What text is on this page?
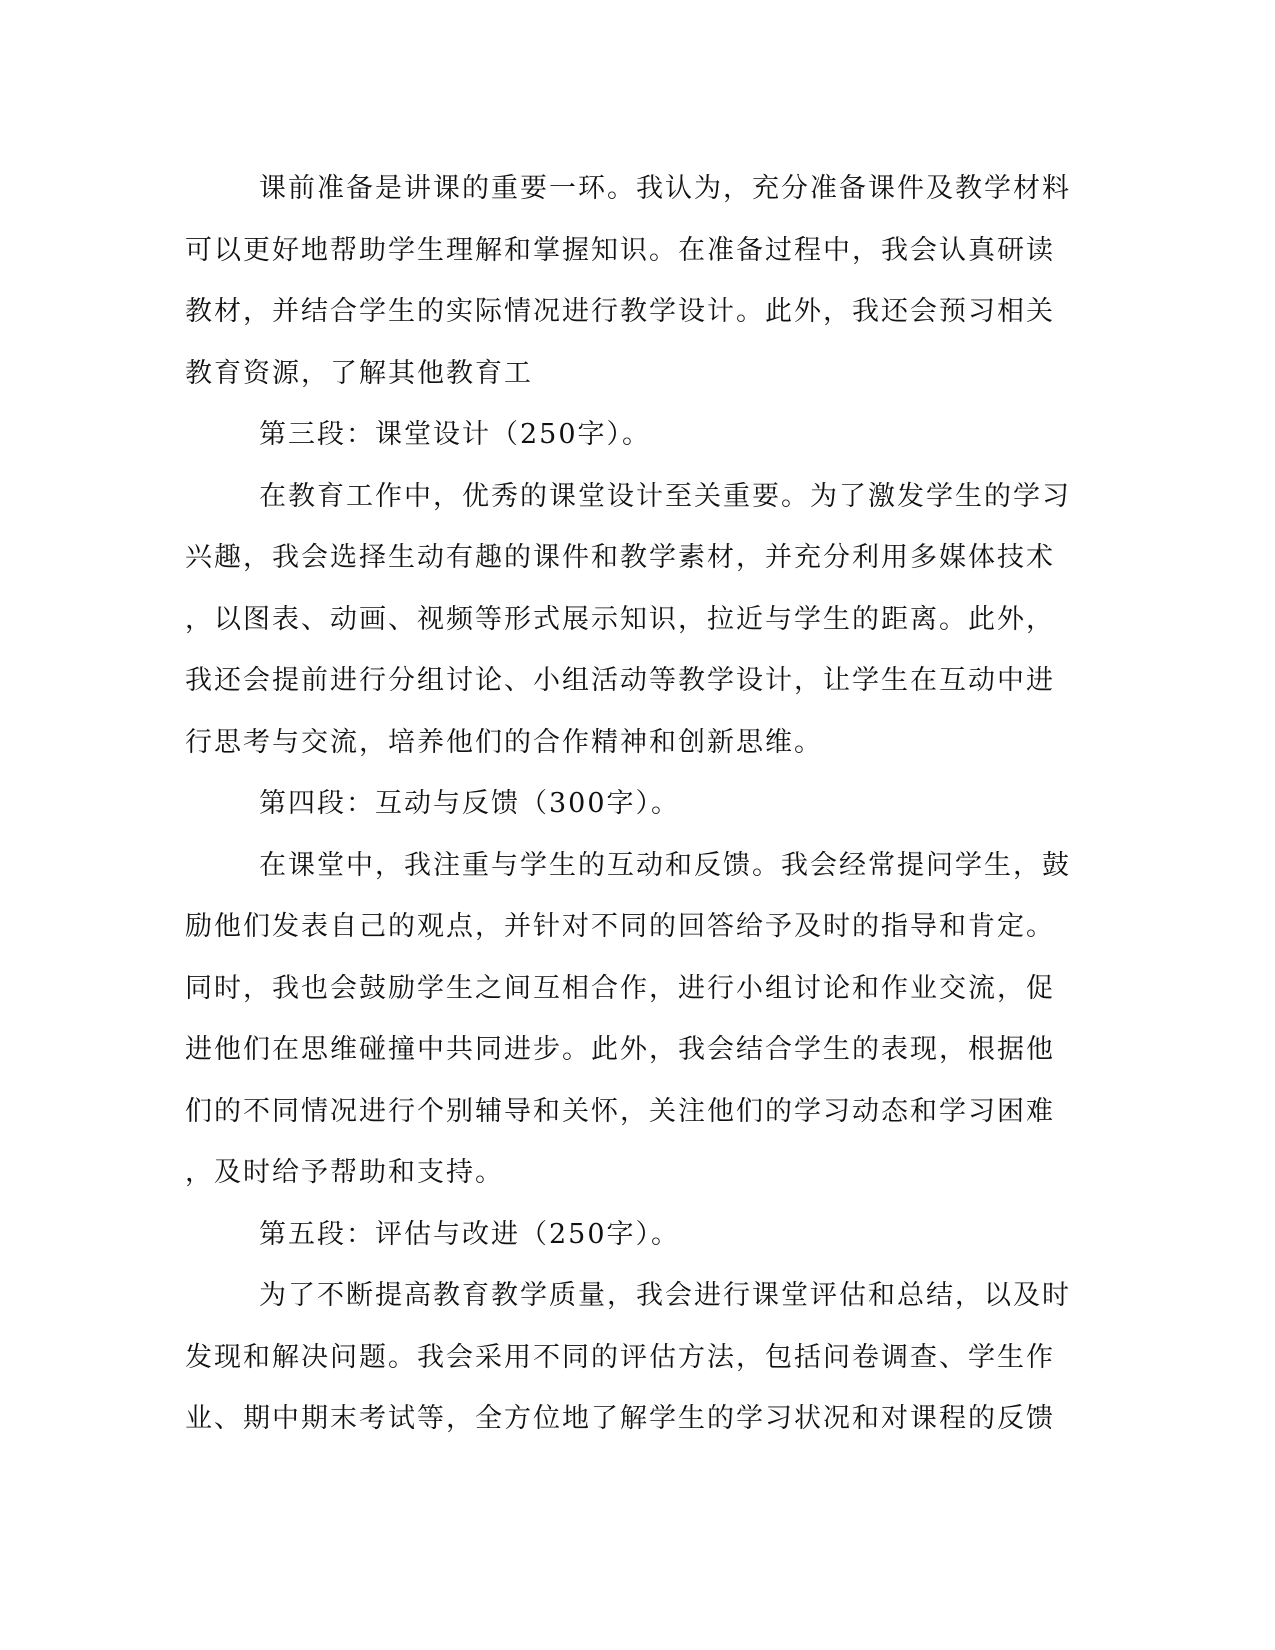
课前准备是讲课的重要一环。我认为，充分准备课件及教学材料
可以更好地帮助学生理解和掌握知识。在准备过程中，我会认真研读
教材，并结合学生的实际情况进行教学设计。此外，我还会预习相关
教育资源，了解其他教育工
第三段：课堂设计（250字）。
在教育工作中，优秀的课堂设计至关重要。为了激发学生的学习
兴趣，我会选择生动有趣的课件和教学素材，并充分利用多媒体技术
，以图表、动画、视频等形式展示知识，拉近与学生的距离。此外，
我还会提前进行分组讨论、小组活动等教学设计，让学生在互动中进
行思考与交流，培养他们的合作精神和创新思维。
第四段：互动与反馈（300字）。
在课堂中，我注重与学生的互动和反馈。我会经常提问学生，鼓
励他们发表自己的观点，并针对不同的回答给予及时的指导和肯定。
同时，我也会鼓励学生之间互相合作，进行小组讨论和作业交流，促
进他们在思维碰撞中共同进步。此外，我会结合学生的表现，根据他
们的不同情况进行个别辅导和关怀，关注他们的学习动态和学习困难
，及时给予帮助和支持。
第五段：评估与改进（250字）。
为了不断提高教育教学质量，我会进行课堂评估和总结，以及时
发现和解决问题。我会采用不同的评估方法，包括问卷调查、学生作
业、期中期末考试等，全方位地了解学生的学习状况和对课程的反馈
